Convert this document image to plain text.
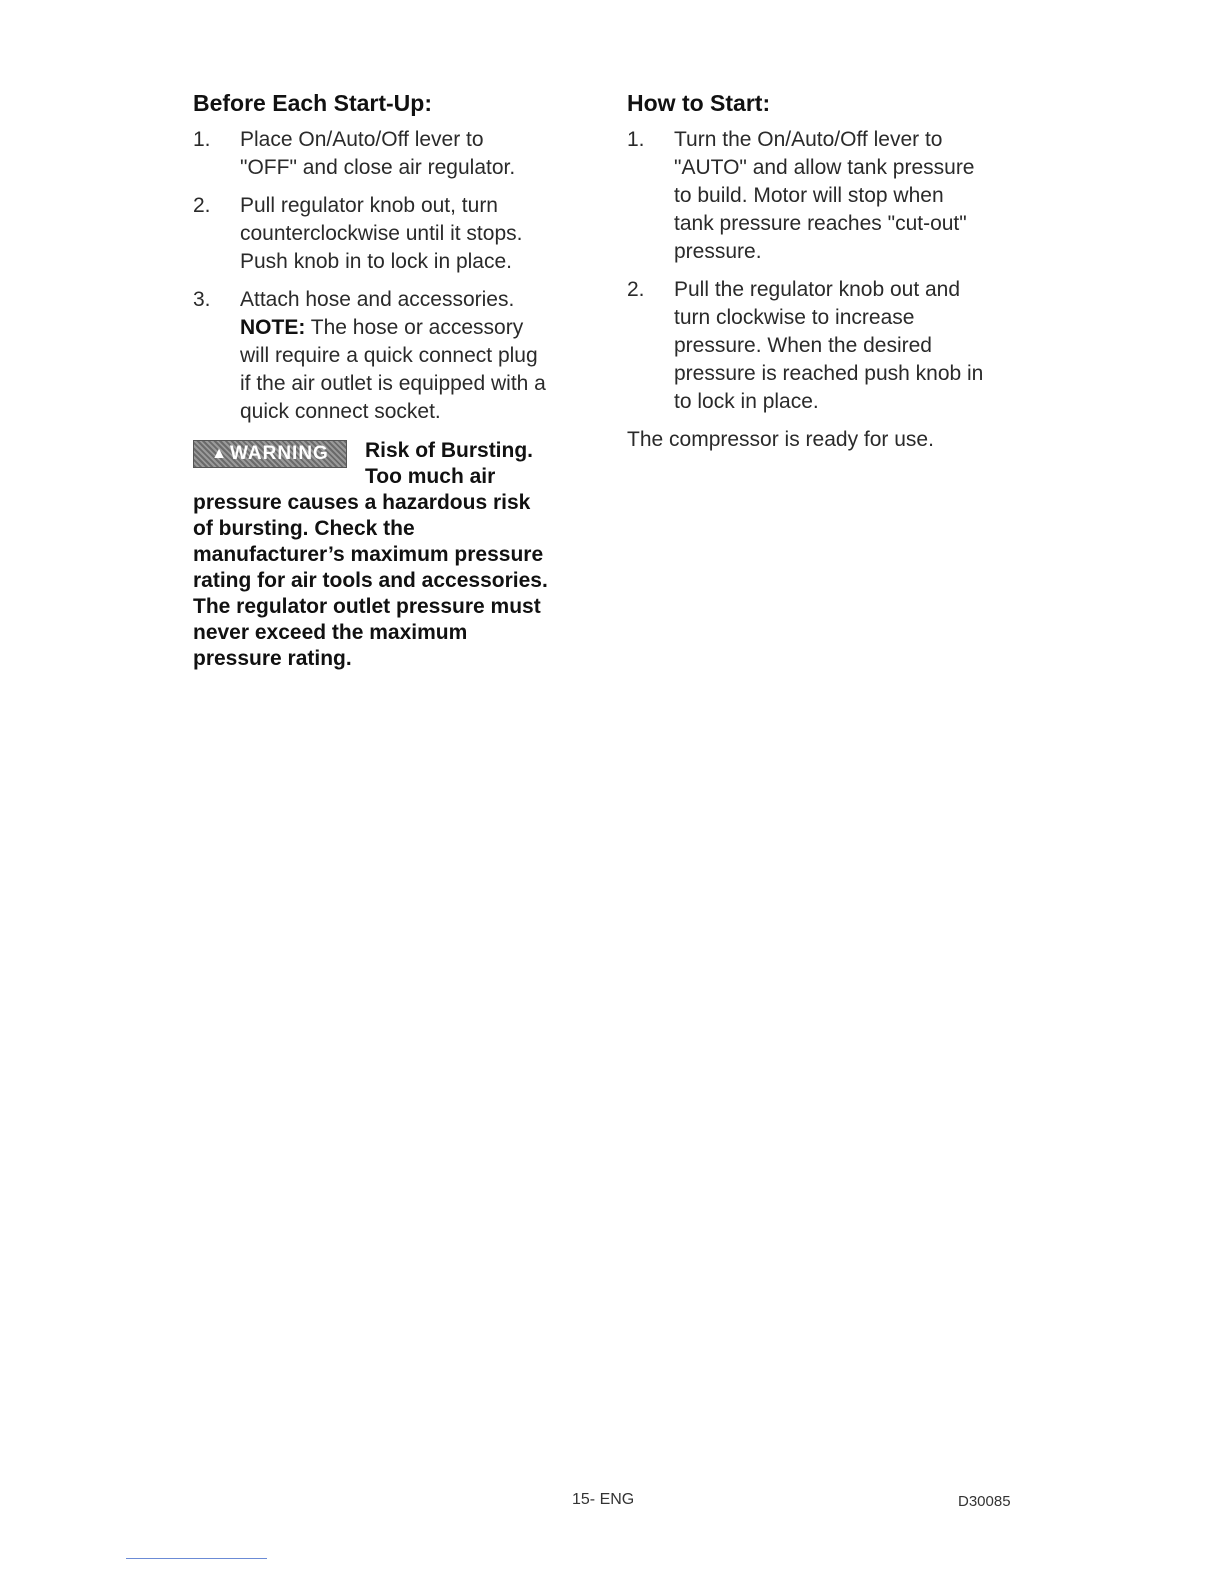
Before Each Start-Up:
1. Place On/Auto/Off lever to
"OFF" and close air regulator.
2. Pull regulator knob out, turn
counterclockwise until it stops.
Push knob in to lock in place.
3. Attach hose and accessories.
NOTE: The hose or accessory
will require a quick connect plug
if the air outlet is equipped with a
quick connect socket.
▲ WARNING Risk of Bursting.
Too much air
pressure causes a hazardous risk
of bursting. Check the
manufacturer’s maximum pressure
rating for air tools and accessories.
The regulator outlet pressure must
never exceed the maximum
pressure rating.
How to Start:
1. Turn the On/Auto/Off lever to
"AUTO" and allow tank pressure
to build. Motor will stop when
tank pressure reaches "cut-out"
pressure.
2. Pull the regulator knob out and
turn clockwise to increase
pressure. When the desired
pressure is reached push knob in
to lock in place.
The compressor is ready for use.
15- ENG	D30085
